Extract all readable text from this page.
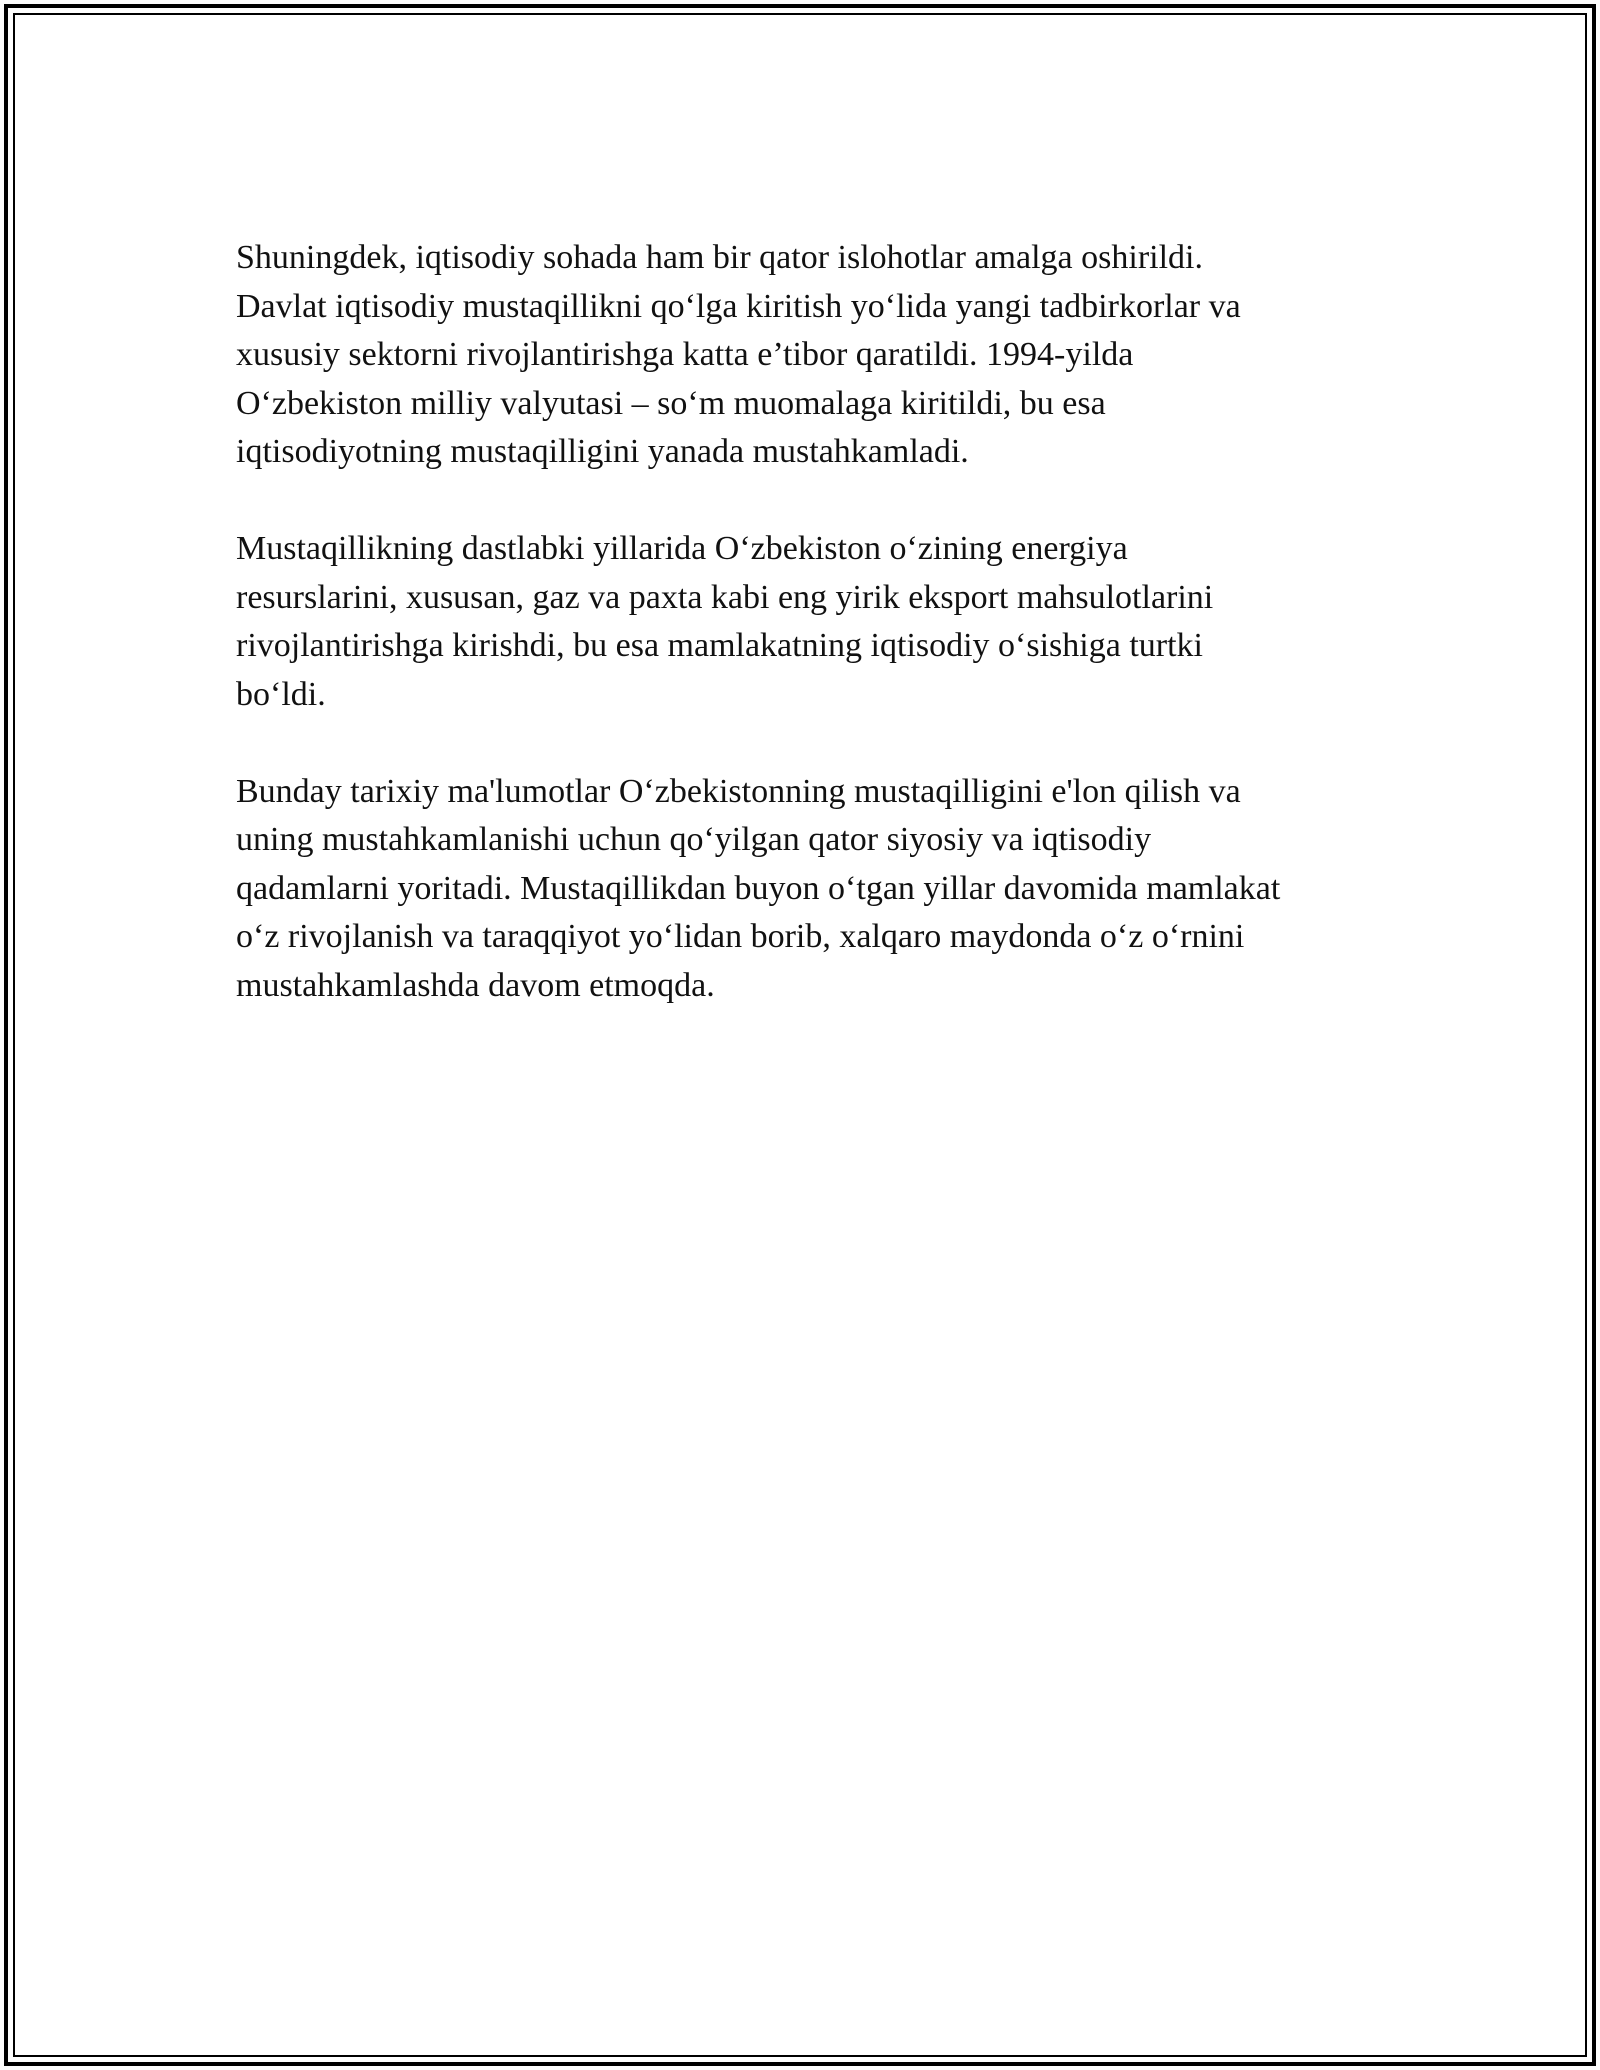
Shuningdek, iqtisodiy sohada ham bir qator islohotlar amalga oshirildi.
Davlat iqtisodiy mustaqillikni qo‘lga kiritish yo‘lida yangi tadbirkorlar va
xususiy sektorni rivojlantirishga katta e’tibor qaratildi. 1994-yilda
O‘zbekiston milliy valyutasi – so‘m muomalaga kiritildi, bu esa
iqtisodiyotning mustaqilligini yanada mustahkamladi.

Mustaqillikning dastlabki yillarida O‘zbekiston o‘zining energiya
resurslarini, xususan, gaz va paxta kabi eng yirik eksport mahsulotlarini
rivojlantirishga kirishdi, bu esa mamlakatning iqtisodiy o‘sishiga turtki
bo‘ldi.

Bunday tarixiy ma'lumotlar O‘zbekistonning mustaqilligini e'lon qilish va
uning mustahkamlanishi uchun qo‘yilgan qator siyosiy va iqtisodiy
qadamlarni yoritadi. Mustaqillikdan buyon o‘tgan yillar davomida mamlakat
o‘z rivojlanish va taraqqiyot yo‘lidan borib, xalqaro maydonda o‘z o‘rnini
mustahkamlashda davom etmoqda.
